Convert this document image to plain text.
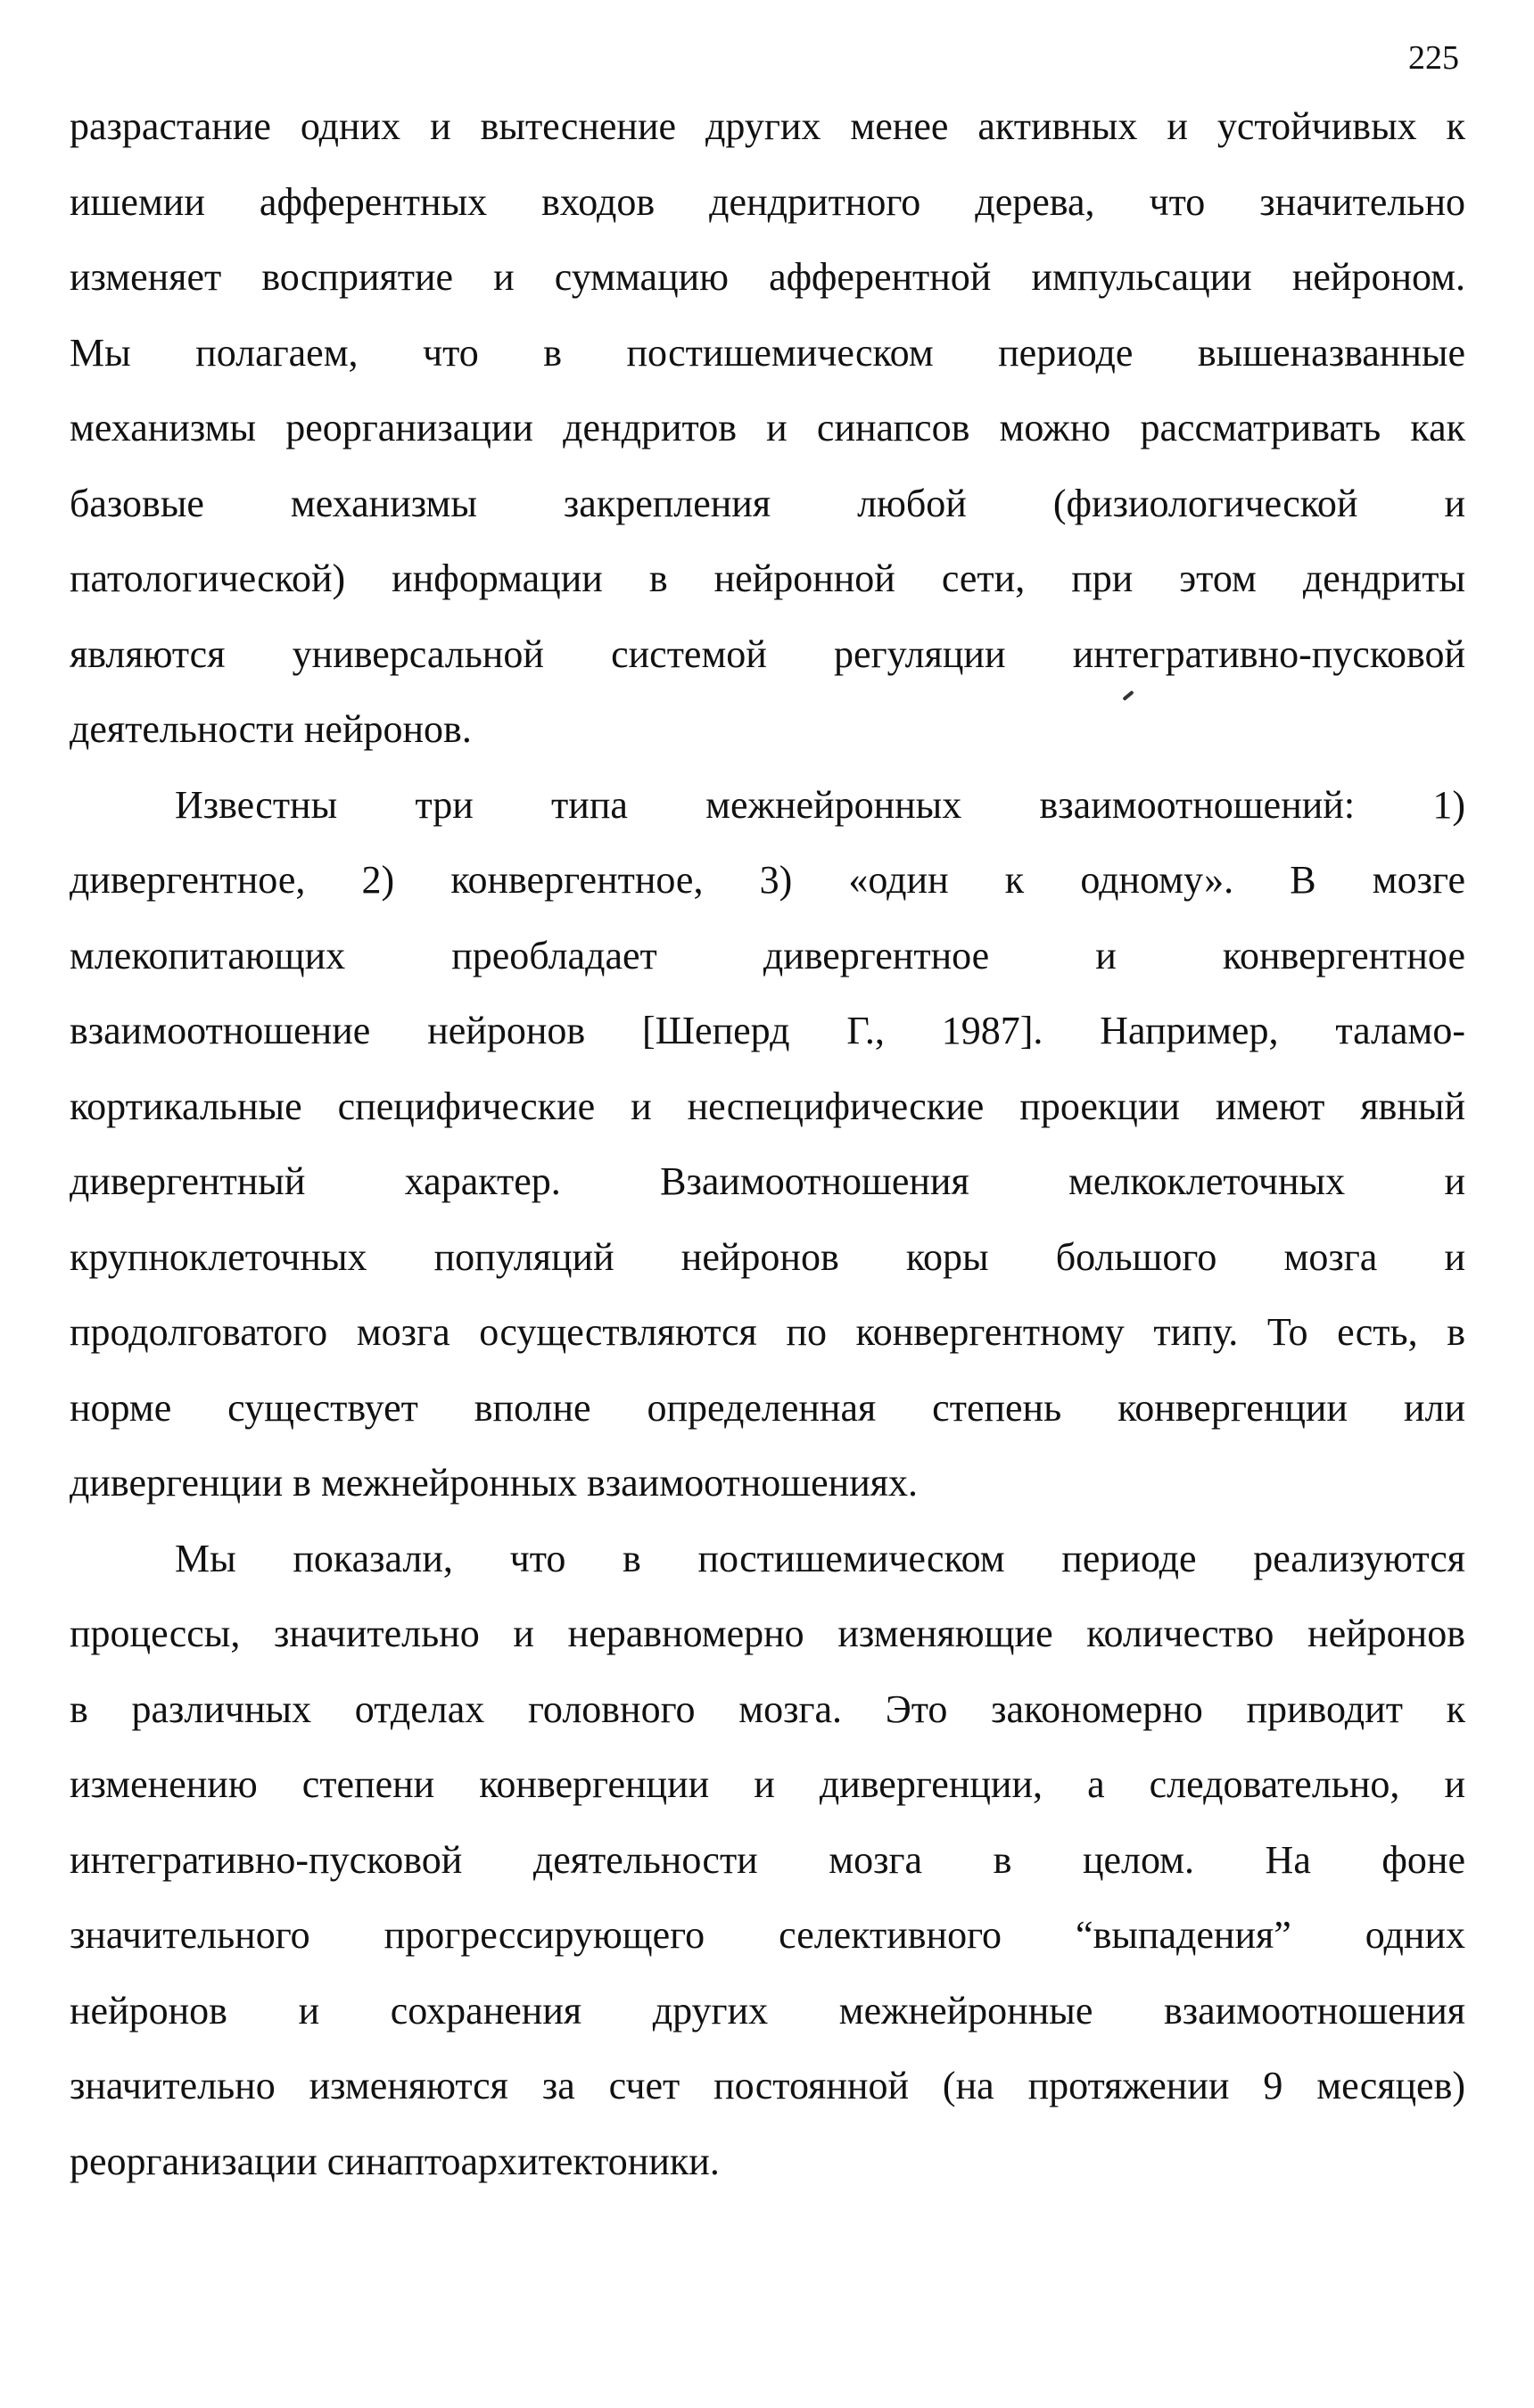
225
разрастание одних и вытеснение других менее активных и устойчивых к
ишемии афферентных входов дендритного дерева, что значительно
изменяет восприятие и суммацию афферентной импульсации нейроном.
Мы полагаем, что в постишемическом периоде вышеназванные
механизмы реорганизации дендритов и синапсов можно рассматривать как
базовые механизмы закрепления любой (физиологической и
патологической) информации в нейронной сети, при этом дендриты
являются универсальной системой регуляции интегративно-пусковой
деятельности нейронов.
Известны три типа межнейронных взаимоотношений: 1)
дивергентное, 2) конвергентное, 3) «один к одному». В мозге
млекопитающих преобладает дивергентное и конвергентное
взаимоотношение нейронов [Шеперд Г., 1987]. Например, таламо-
кортикальные специфические и неспецифические проекции имеют явный
дивергентный характер. Взаимоотношения мелкоклеточных и
крупноклеточных популяций нейронов коры большого мозга и
продолговатого мозга осуществляются по конвергентному типу. То есть, в
норме существует вполне определенная степень конвергенции или
дивергенции в межнейронных взаимоотношениях.
Мы показали, что в постишемическом периоде реализуются
процессы, значительно и неравномерно изменяющие количество нейронов
в различных отделах головного мозга. Это закономерно приводит к
изменению степени конвергенции и дивергенции, а следовательно, и
интегративно-пусковой деятельности мозга в целом. На фоне
значительного прогрессирующего селективного “выпадения” одних
нейронов и сохранения других межнейронные взаимоотношения
значительно изменяются за счет постоянной (на протяжении 9 месяцев)
реорганизации синаптоархитектоники.
